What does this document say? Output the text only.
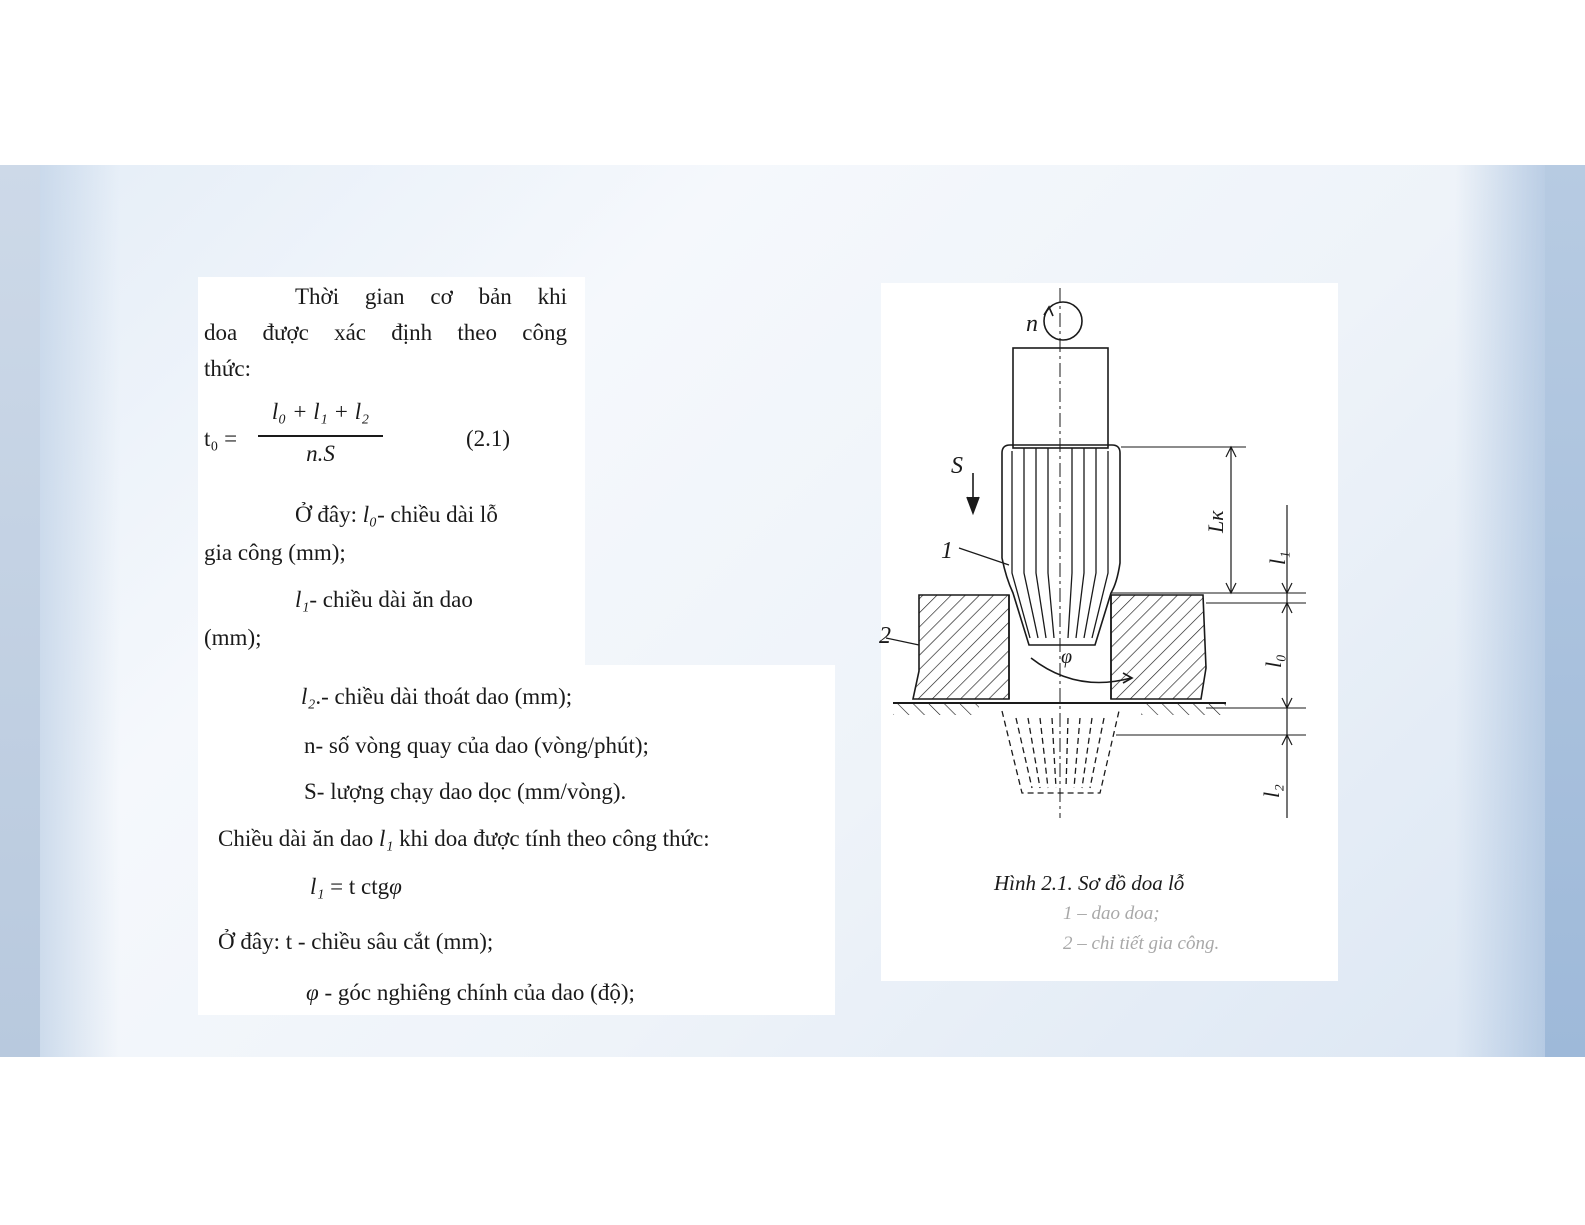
Thời gian cơ bản khi
doa được xác định theo công
thức:
t₀ =
l₀ + l₁ + l₂
n.S
(2.1)
Ở đây: l₀- chiều dài lỗ
gia công (mm);
l₁- chiều dài ăn dao
(mm);
l₂.- chiều dài thoát dao (mm);
n- số vòng quay của dao (vòng/phút);
S- lượng chạy dao dọc (mm/vòng).
Chiều dài ăn dao l₁ khi doa được tính theo công thức:
l₁ = t ctgφ
Ở đây: t - chiều sâu cắt (mm);
φ - góc nghiêng chính của dao (độ);
n
S
1
2
φ
Lк
l₁
l₀
l₂
Hình 2.1. Sơ đồ doa lỗ
1 – dao doa;
2 – chi tiết gia công.
